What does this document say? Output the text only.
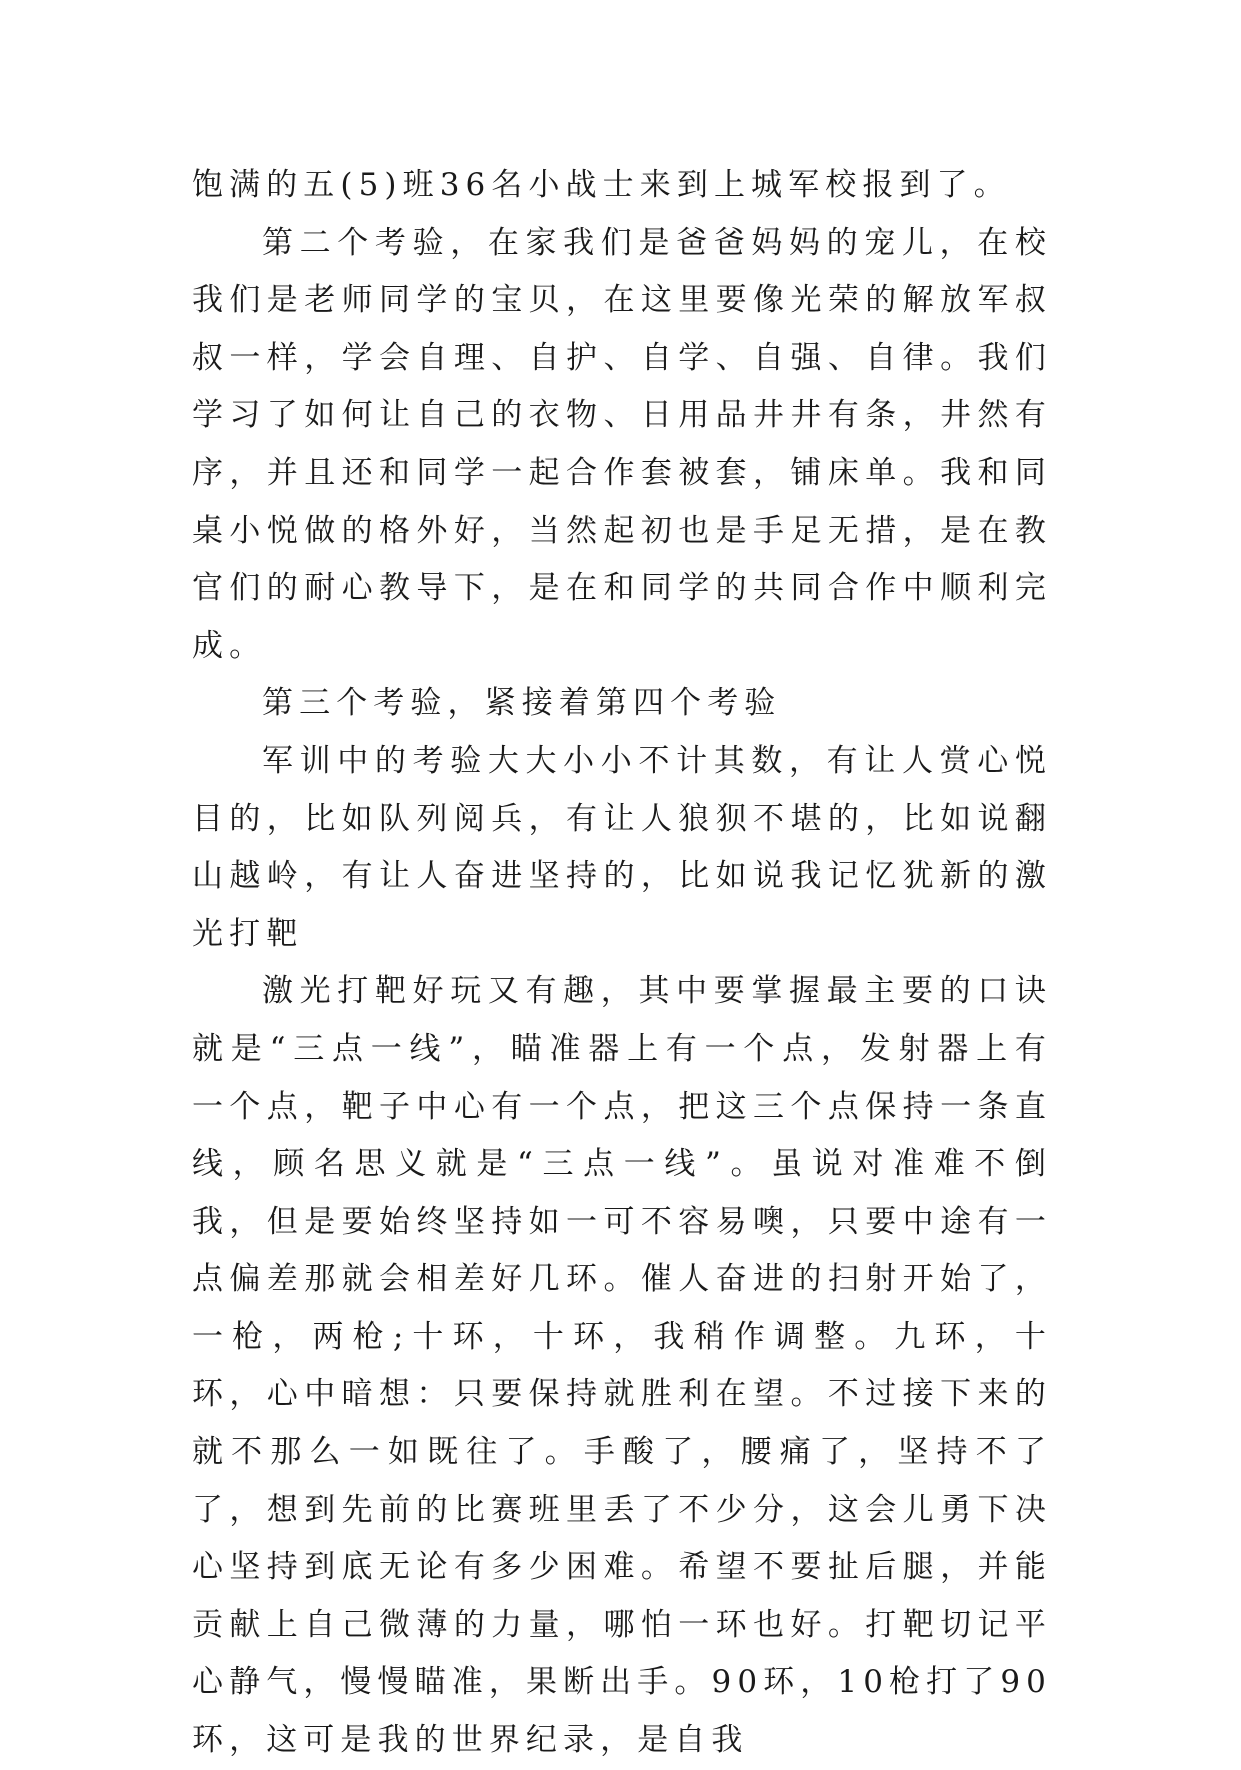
饱满的五(5)班36名小战士来到上城军校报到了。

第二个考验，在家我们是爸爸妈妈的宠儿，在校我们是老师同学的宝贝，在这里要像光荣的解放军叔叔一样，学会自理、自护、自学、自强、自律。我们学习了如何让自己的衣物、日用品井井有条，井然有序，并且还和同学一起合作套被套，铺床单。我和同桌小悦做的格外好，当然起初也是手足无措，是在教官们的耐心教导下，是在和同学的共同合作中顺利完成。

第三个考验，紧接着第四个考验

军训中的考验大大小小不计其数，有让人赏心悦目的，比如队列阅兵，有让人狼狈不堪的，比如说翻山越岭，有让人奋进坚持的，比如说我记忆犹新的激光打靶

激光打靶好玩又有趣，其中要掌握最主要的口诀就是“三点一线”，瞄准器上有一个点，发射器上有一个点，靶子中心有一个点，把这三个点保持一条直线，顾名思义就是“三点一线”。虽说对准难不倒我，但是要始终坚持如一可不容易噢，只要中途有一点偏差那就会相差好几环。催人奋进的扫射开始了，一枪，两枪;十环，十环，我稍作调整。九环，十环，心中暗想：只要保持就胜利在望。不过接下来的就不那么一如既往了。手酸了，腰痛了，坚持不了了，想到先前的比赛班里丢了不少分，这会儿勇下决心坚持到底无论有多少困难。希望不要扯后腿，并能贡献上自己微薄的力量，哪怕一环也好。打靶切记平心静气，慢慢瞄准，果断出手。90环，10枪打了90环，这可是我的世界纪录，是自我
